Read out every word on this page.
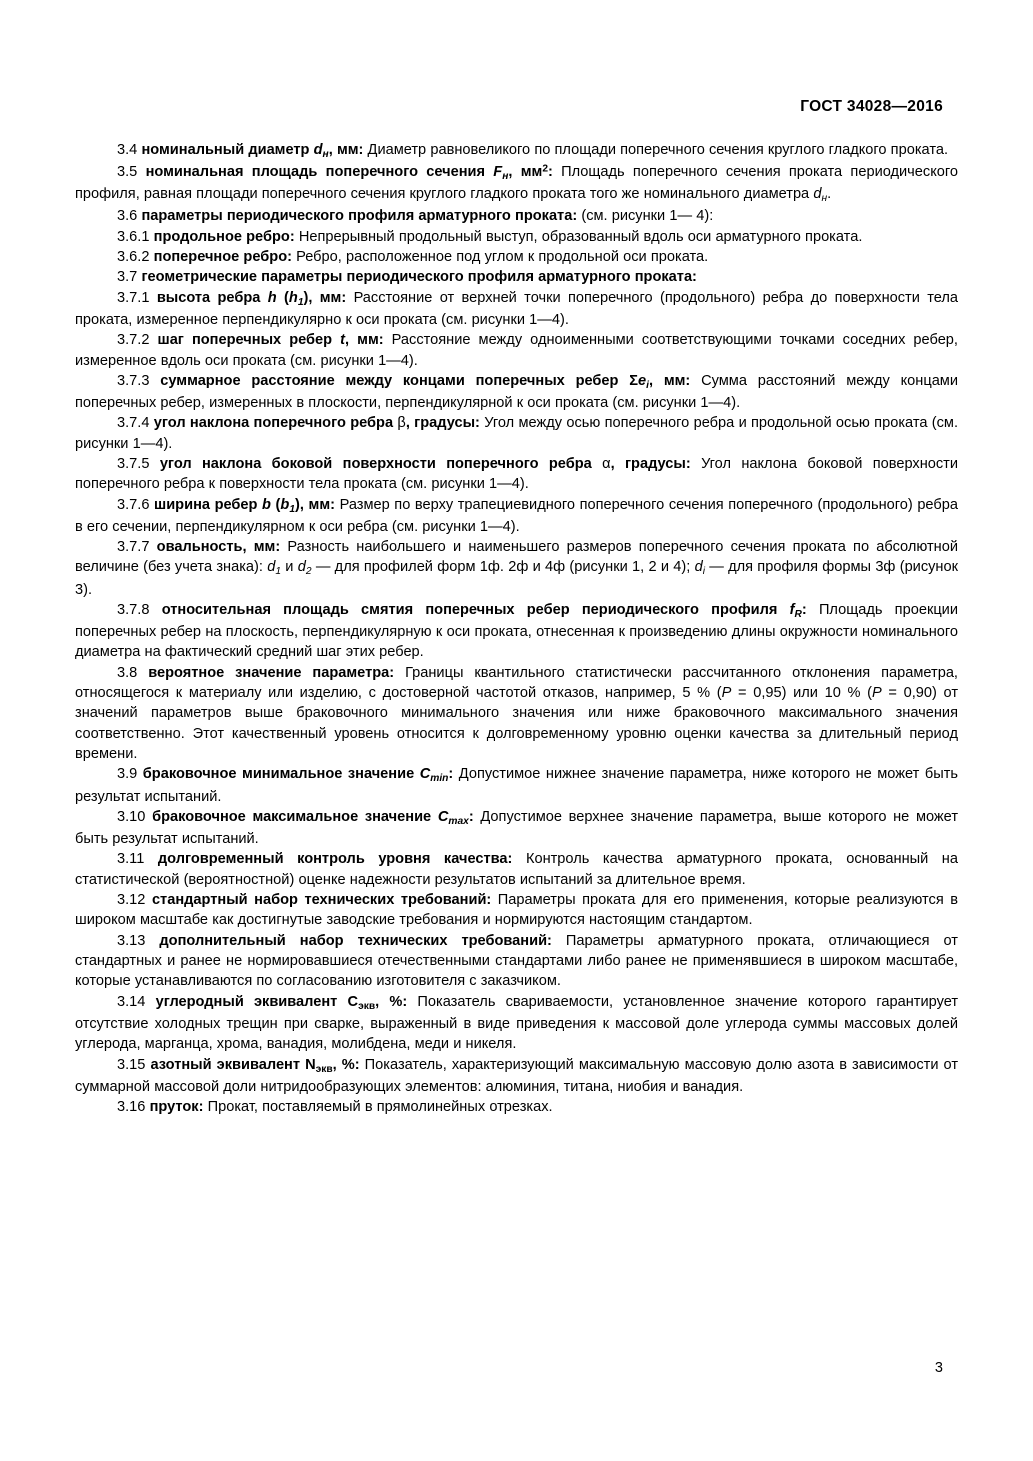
ГОСТ 34028—2016

3.4 номинальный диаметр $d_н$, мм: Диаметр равновеликого по площади поперечного сечения круглого гладкого проката.

3.5 номинальная площадь поперечного сечения $F_н$, $мм^2$: Площадь поперечного сечения проката периодического профиля, равная площади поперечного сечения круглого гладкого проката того же номинального диаметра $d_н$.

3.6 параметры периодического профиля арматурного проката: (см. рисунки 1— 4):

3.6.1 продольное ребро: Непрерывный продольный выступ, образованный вдоль оси арматурного проката.

3.6.2 поперечное ребро: Ребро, расположенное под углом к продольной оси проката.

3.7 геометрические параметры периодического профиля арматурного проката:

3.7.1 высота ребра h $(h_1)$, мм: Расстояние от верхней точки поперечного (продольного) ребра до поверхности тела проката, измеренное перпендикулярно к оси проката (см. рисунки 1—4).

3.7.2 шаг поперечных ребер t, мм: Расстояние между одноименными соответствующими точками соседних ребер, измеренное вдоль оси проката (см. рисунки 1—4).

3.7.3 суммарное расстояние между концами поперечных ребер $\Sigma e_i$, мм: Сумма расстояний между концами поперечных ребер, измеренных в плоскости, перпендикулярной к оси проката (см. рисунки 1—4).

3.7.4 угол наклона поперечного ребра β, градусы: Угол между осью поперечного ребра и продольной осью проката (см. рисунки 1—4).

3.7.5 угол наклона боковой поверхности поперечного ребра α, градусы: Угол наклона боковой поверхности поперечного ребра к поверхности тела проката (см. рисунки 1—4).

3.7.6 ширина ребер b $(b_1)$, мм: Размер по верху трапециевидного поперечного сечения поперечного (продольного) ребра в его сечении, перпендикулярном к оси ребра (см. рисунки 1—4).

3.7.7 овальность, мм: Разность наибольшего и наименьшего размеров поперечного сечения проката по абсолютной величине (без учета знака): $d_1$ и $d_2$ — для профилей форм 1ф. 2ф и 4ф (рисунки 1, 2 и 4); $d_i$ — для профиля формы 3ф (рисунок 3).

3.7.8 относительная площадь смятия поперечных ребер периодического профиля $f_R$: Площадь проекции поперечных ребер на плоскость, перпендикулярную к оси проката, отнесенная к произведению длины окружности номинального диаметра на фактический средний шаг этих ребер.

3.8 вероятное значение параметра: Границы квантильного статистически рассчитанного отклонения параметра, относящегося к материалу или изделию, с достоверной частотой отказов, например, 5 % (P = 0,95) или 10 % (P = 0,90) от значений параметров выше браковочного минимального значения или ниже браковочного максимального значения соответственно. Этот качественный уровень относится к долговременному уровню оценки качества за длительный период времени.

3.9 браковочное минимальное значение $C_{min}$: Допустимое нижнее значение параметра, ниже которого не может быть результат испытаний.

3.10 браковочное максимальное значение $C_{max}$: Допустимое верхнее значение параметра, выше которого не может быть результат испытаний.

3.11 долговременный контроль уровня качества: Контроль качества арматурного проката, основанный на статистической (вероятностной) оценке надежности результатов испытаний за длительное время.

3.12 стандартный набор технических требований: Параметры проката для его применения, которые реализуются в широком масштабе как достигнутые заводские требования и нормируются настоящим стандартом.

3.13 дополнительный набор технических требований: Параметры арматурного проката, отличающиеся от стандартных и ранее не нормировавшиеся отечественными стандартами либо ранее не применявшиеся в широком масштабе, которые устанавливаются по согласованию изготовителя с заказчиком.

3.14 углеродный эквивалент $C_{экв}$, %: Показатель свариваемости, установленное значение которого гарантирует отсутствие холодных трещин при сварке, выраженный в виде приведения к массовой доле углерода суммы массовых долей углерода, марганца, хрома, ванадия, молибдена, меди и никеля.

3.15 азотный эквивалент $N_{экв}$, %: Показатель, характеризующий максимальную массовую долю азота в зависимости от суммарной массовой доли нитридообразующих элементов: алюминия, титана, ниобия и ванадия.

3.16 пруток: Прокат, поставляемый в прямолинейных отрезках.

3
